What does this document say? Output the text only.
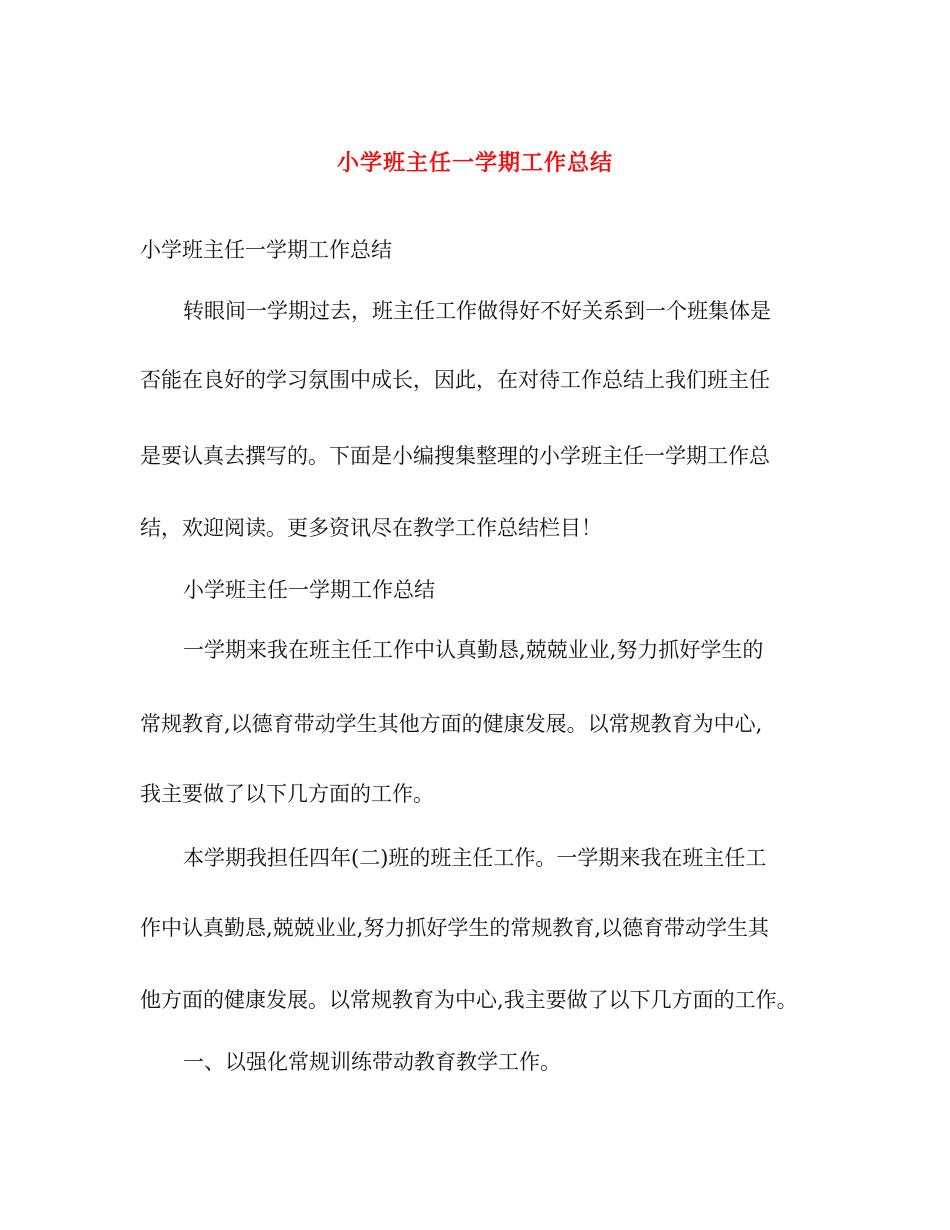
小学班主任一学期工作总结
小学班主任一学期工作总结
转眼间一学期过去，班主任工作做得好不好关系到一个班集体是
否能在良好的学习氛围中成长，因此，在对待工作总结上我们班主任
是要认真去撰写的。下面是小编搜集整理的小学班主任一学期工作总
结，欢迎阅读。更多资讯尽在教学工作总结栏目！
小学班主任一学期工作总结
一学期来我在班主任工作中认真勤恳,兢兢业业,努力抓好学生的
常规教育,以德育带动学生其他方面的健康发展。以常规教育为中心,
我主要做了以下几方面的工作。
本学期我担任四年(二)班的班主任工作。一学期来我在班主任工
作中认真勤恳,兢兢业业,努力抓好学生的常规教育,以德育带动学生其
他方面的健康发展。以常规教育为中心,我主要做了以下几方面的工作。
一、以强化常规训练带动教育教学工作。
